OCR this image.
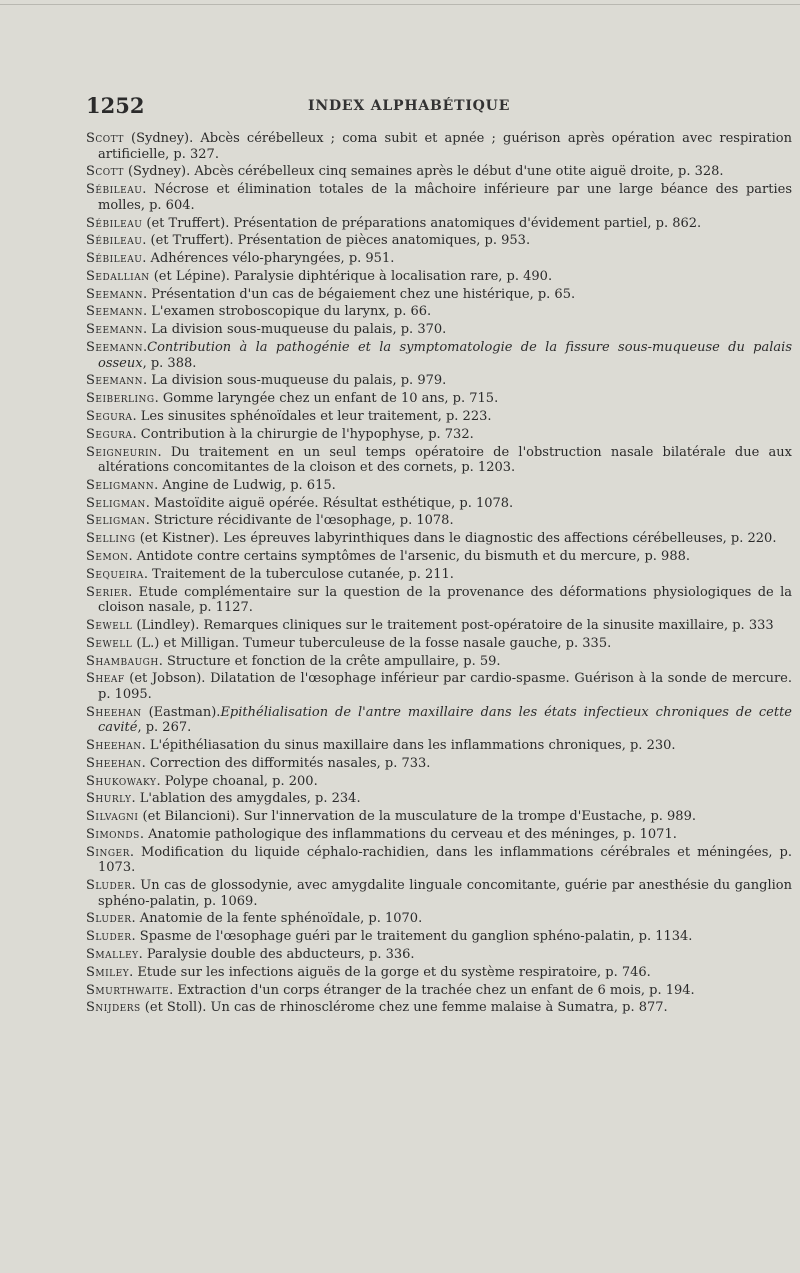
1252	INDEX ALPHABÉTIQUE

Scott (Sydney). Abcès cérébelleux ; coma subit et apnée ; guérison après opération avec respiration artificielle, p. 327.

Scott (Sydney). Abcès cérébelleux cinq semaines après le début d'une otite aiguë droite, p. 328.

Sébileau. Nécrose et élimination totales de la mâchoire inférieure par une large béance des parties molles, p. 604.

Sébileau (et Truffert). Présentation de préparations anatomiques d'évidement partiel, p. 862.

Sébileau. (et Truffert). Présentation de pièces anatomiques, p. 953.

Sébileau. Adhérences vélo-pharyngées, p. 951.

Sedallian (et Lépine). Paralysie diphtérique à localisation rare, p. 490.

Seemann. Présentation d'un cas de bégaiement chez une histérique, p. 65.

Seemann. L'examen stroboscopique du larynx, p. 66.

Seemann. La division sous-muqueuse du palais, p. 370.

Seemann.Contribution à la pathogénie et la symptomatologie de la fissure sous-muqueuse du palais osseux, p. 388.

Seemann. La division sous-muqueuse du palais, p. 979.

Seiberling. Gomme laryngée chez un enfant de 10 ans, p. 715.

Segura. Les sinusites sphénoïdales et leur traitement, p. 223.

Segura. Contribution à la chirurgie de l'hypophyse, p. 732.

Seigneurin. Du traitement en un seul temps opératoire de l'obstruction nasale bilatérale due aux altérations concomitantes de la cloison et des cornets, p. 1203.

Seligmann. Angine de Ludwig, p. 615.

Seligman. Mastoïdite aiguë opérée. Résultat esthétique, p. 1078.

Seligman. Stricture récidivante de l'œsophage, p. 1078.

Selling (et Kistner). Les épreuves labyrinthiques dans le diagnostic des affections cérébelleuses, p. 220.

Semon. Antidote contre certains symptômes de l'arsenic, du bismuth et du mercure, p. 988.

Sequeira. Traitement de la tuberculose cutanée, p. 211.

Serier. Etude complémentaire sur la question de la provenance des déformations physiologiques de la cloison nasale, p. 1127.

Sewell (Lindley). Remarques cliniques sur le traitement post-opératoire de la sinusite maxillaire, p. 333

Sewell (L.) et Milligan. Tumeur tuberculeuse de la fosse nasale gauche, p. 335.

Shambaugh. Structure et fonction de la crête ampullaire, p. 59.

Sheaf (et Jobson). Dilatation de l'œsophage inférieur par cardio-spasme. Guérison à la sonde de mercure. p. 1095.

Sheehan (Eastman).Epithélialisation de l'antre maxillaire dans les états infectieux chroniques de cette cavité, p. 267.

Sheehan. L'épithéliasation du sinus maxillaire dans les inflammations chroniques, p. 230.

Sheehan. Correction des difformités nasales, p. 733.

Shukowaky. Polype choanal, p. 200.

Shurly. L'ablation des amygdales, p. 234.

Silvagni (et Bilancioni). Sur l'innervation de la musculature de la trompe d'Eustache, p. 989.

Simonds. Anatomie pathologique des inflammations du cerveau et des méninges, p. 1071.

Singer. Modification du liquide céphalo-rachidien, dans les inflammations cérébrales et méningées, p. 1073.

Sluder. Un cas de glossodynie, avec amygdalite linguale concomitante, guérie par anesthésie du ganglion sphéno-palatin, p. 1069.

Sluder. Anatomie de la fente sphénoïdale, p. 1070.

Sluder. Spasme de l'œsophage guéri par le traitement du ganglion sphéno-palatin, p. 1134.

Smalley. Paralysie double des abducteurs, p. 336.

Smiley. Etude sur les infections aiguës de la gorge et du système respiratoire, p. 746.

Smurthwaite. Extraction d'un corps étranger de la trachée chez un enfant de 6 mois, p. 194.

Snijders (et Stoll). Un cas de rhinosclérome chez une femme malaise à Sumatra, p. 877.
